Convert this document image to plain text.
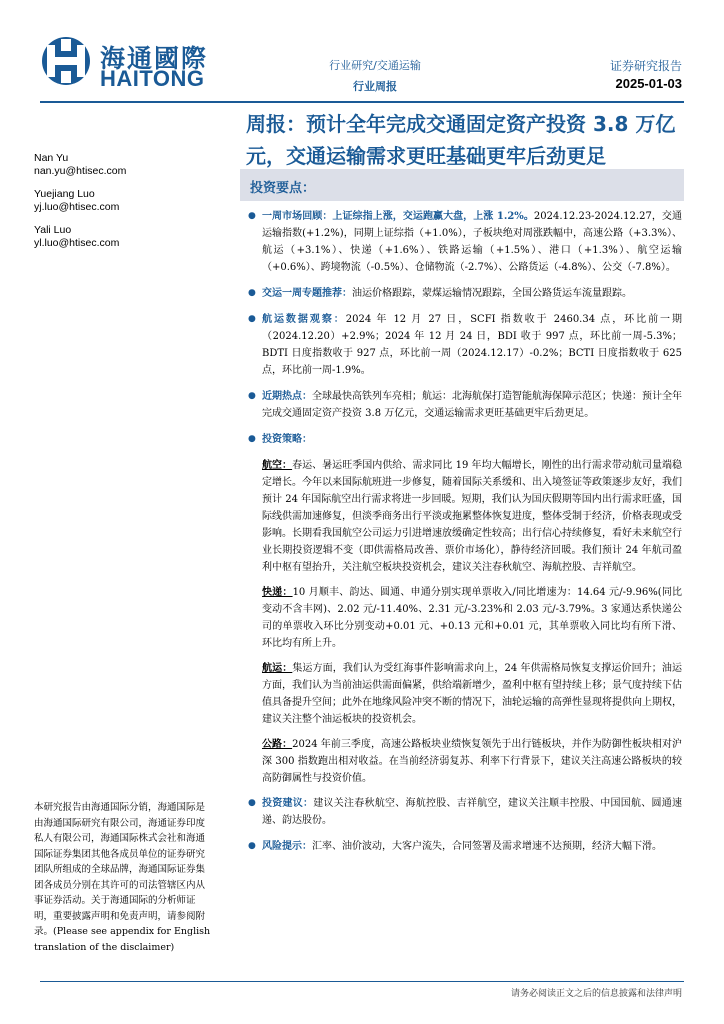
海通國際
HAITONG
行业研究/交通运输
行业周报
证券研究报告
2025-01-03
周报：预计全年完成交通固定资产投资 3.8 万亿元，交通运输需求更旺基础更牢后劲更足
Nan Yu
nan.yu@htisec.com
Yuejiang Luo
yj.luo@htisec.com
Yali Luo
yl.luo@htisec.com
投资要点：
● 一周市场回顾：上证综指上涨，交运跑赢大盘，上涨 1.2%。2024.12.23-2024.12.27，交通运输指数(+1.2%)，同期上证综指（+1.0%），子板块绝对周涨跌幅中，高速公路（+3.3%）、航运（+3.1%）、快递（+1.6%）、铁路运输（+1.5%）、港口（+1.3%）、航空运输（+0.6%）、跨境物流（-0.5%）、仓储物流（-2.7%）、公路货运（-4.8%）、公交（-7.8%）。
● 交运一周专题推荐：油运价格跟踪，蒙煤运输情况跟踪，全国公路货运车流量跟踪。
● 航运数据观察：2024 年 12 月 27 日，SCFI 指数收于 2460.34 点，环比前一期（2024.12.20）+2.9%；2024 年 12 月 24 日，BDI 收于 997 点，环比前一周-5.3%；BDTI 日度指数收于 927 点，环比前一周（2024.12.17）-0.2%；BCTI 日度指数收于 625 点，环比前一周-1.9%。
● 近期热点：全球最快高铁列车亮相；航运：北海航保打造智能航海保障示范区；快递：预计全年完成交通固定资产投资 3.8 万亿元，交通运输需求更旺基础更牢后劲更足。
● 投资策略：
航空：春运、暑运旺季国内供给、需求同比 19 年均大幅增长，刚性的出行需求带动航司量端稳定增长。今年以来国际航班进一步修复，随着国际关系缓和、出入境签证等政策逐步友好，我们预计 24 年国际航空出行需求将进一步回暖。短期，我们认为国庆假期等国内出行需求旺盛，国际线供需加速修复，但淡季商务出行平淡或拖累整体恢复进度，整体受制于经济，价格表现或受影响。长期看我国航空公司运力引进增速放缓确定性较高；出行信心持续修复，看好未来航空行业长期投资逻辑不变（即供需格局改善、票价市场化），静待经济回暖。我们预计 24 年航司盈利中枢有望抬升，关注航空板块投资机会，建议关注春秋航空、海航控股、吉祥航空。
快递：10 月顺丰、韵达、圆通、申通分别实现单票收入/同比增速为：14.64 元/-9.96%(同比变动不含丰网)、2.02 元/-11.40%、2.31 元/-3.23%和 2.03 元/-3.79%。3 家通达系快递公司的单票收入环比分别变动+0.01 元、+0.13 元和+0.01 元，其单票收入同比均有所下滑、环比均有所上升。
航运：集运方面，我们认为受红海事件影响需求向上，24 年供需格局恢复支撑运价回升；油运方面，我们认为当前油运供需面偏紧，供给端新增少，盈利中枢有望持续上移；景气度持续下估值具备提升空间；此外在地缘风险冲突不断的情况下，油轮运输的高弹性显现将提供向上期权，建议关注整个油运板块的投资机会。
公路：2024 年前三季度，高速公路板块业绩恢复领先于出行链板块，并作为防御性板块相对沪深 300 指数跑出相对收益。在当前经济弱复苏、利率下行背景下，建议关注高速公路板块的较高防御属性与投资价值。
● 投资建议：建议关注春秋航空、海航控股、吉祥航空，建议关注顺丰控股、中国国航、圆通速递、韵达股份。
● 风险提示：汇率、油价波动，大客户流失，合同签署及需求增速不达预期，经济大幅下滑。
本研究报告由海通国际分销，海通国际是由海通国际研究有限公司，海通证券印度私人有限公司，海通国际株式会社和海通国际证券集团其他各成员单位的证券研究团队所组成的全球品牌，海通国际证券集团各成员分别在其许可的司法管辖区内从事证券活动。关于海通国际的分析师证明，重要披露声明和免责声明，请参阅附录。(Please see appendix for English translation of the disclaimer)
请务必阅读正文之后的信息披露和法律声明
